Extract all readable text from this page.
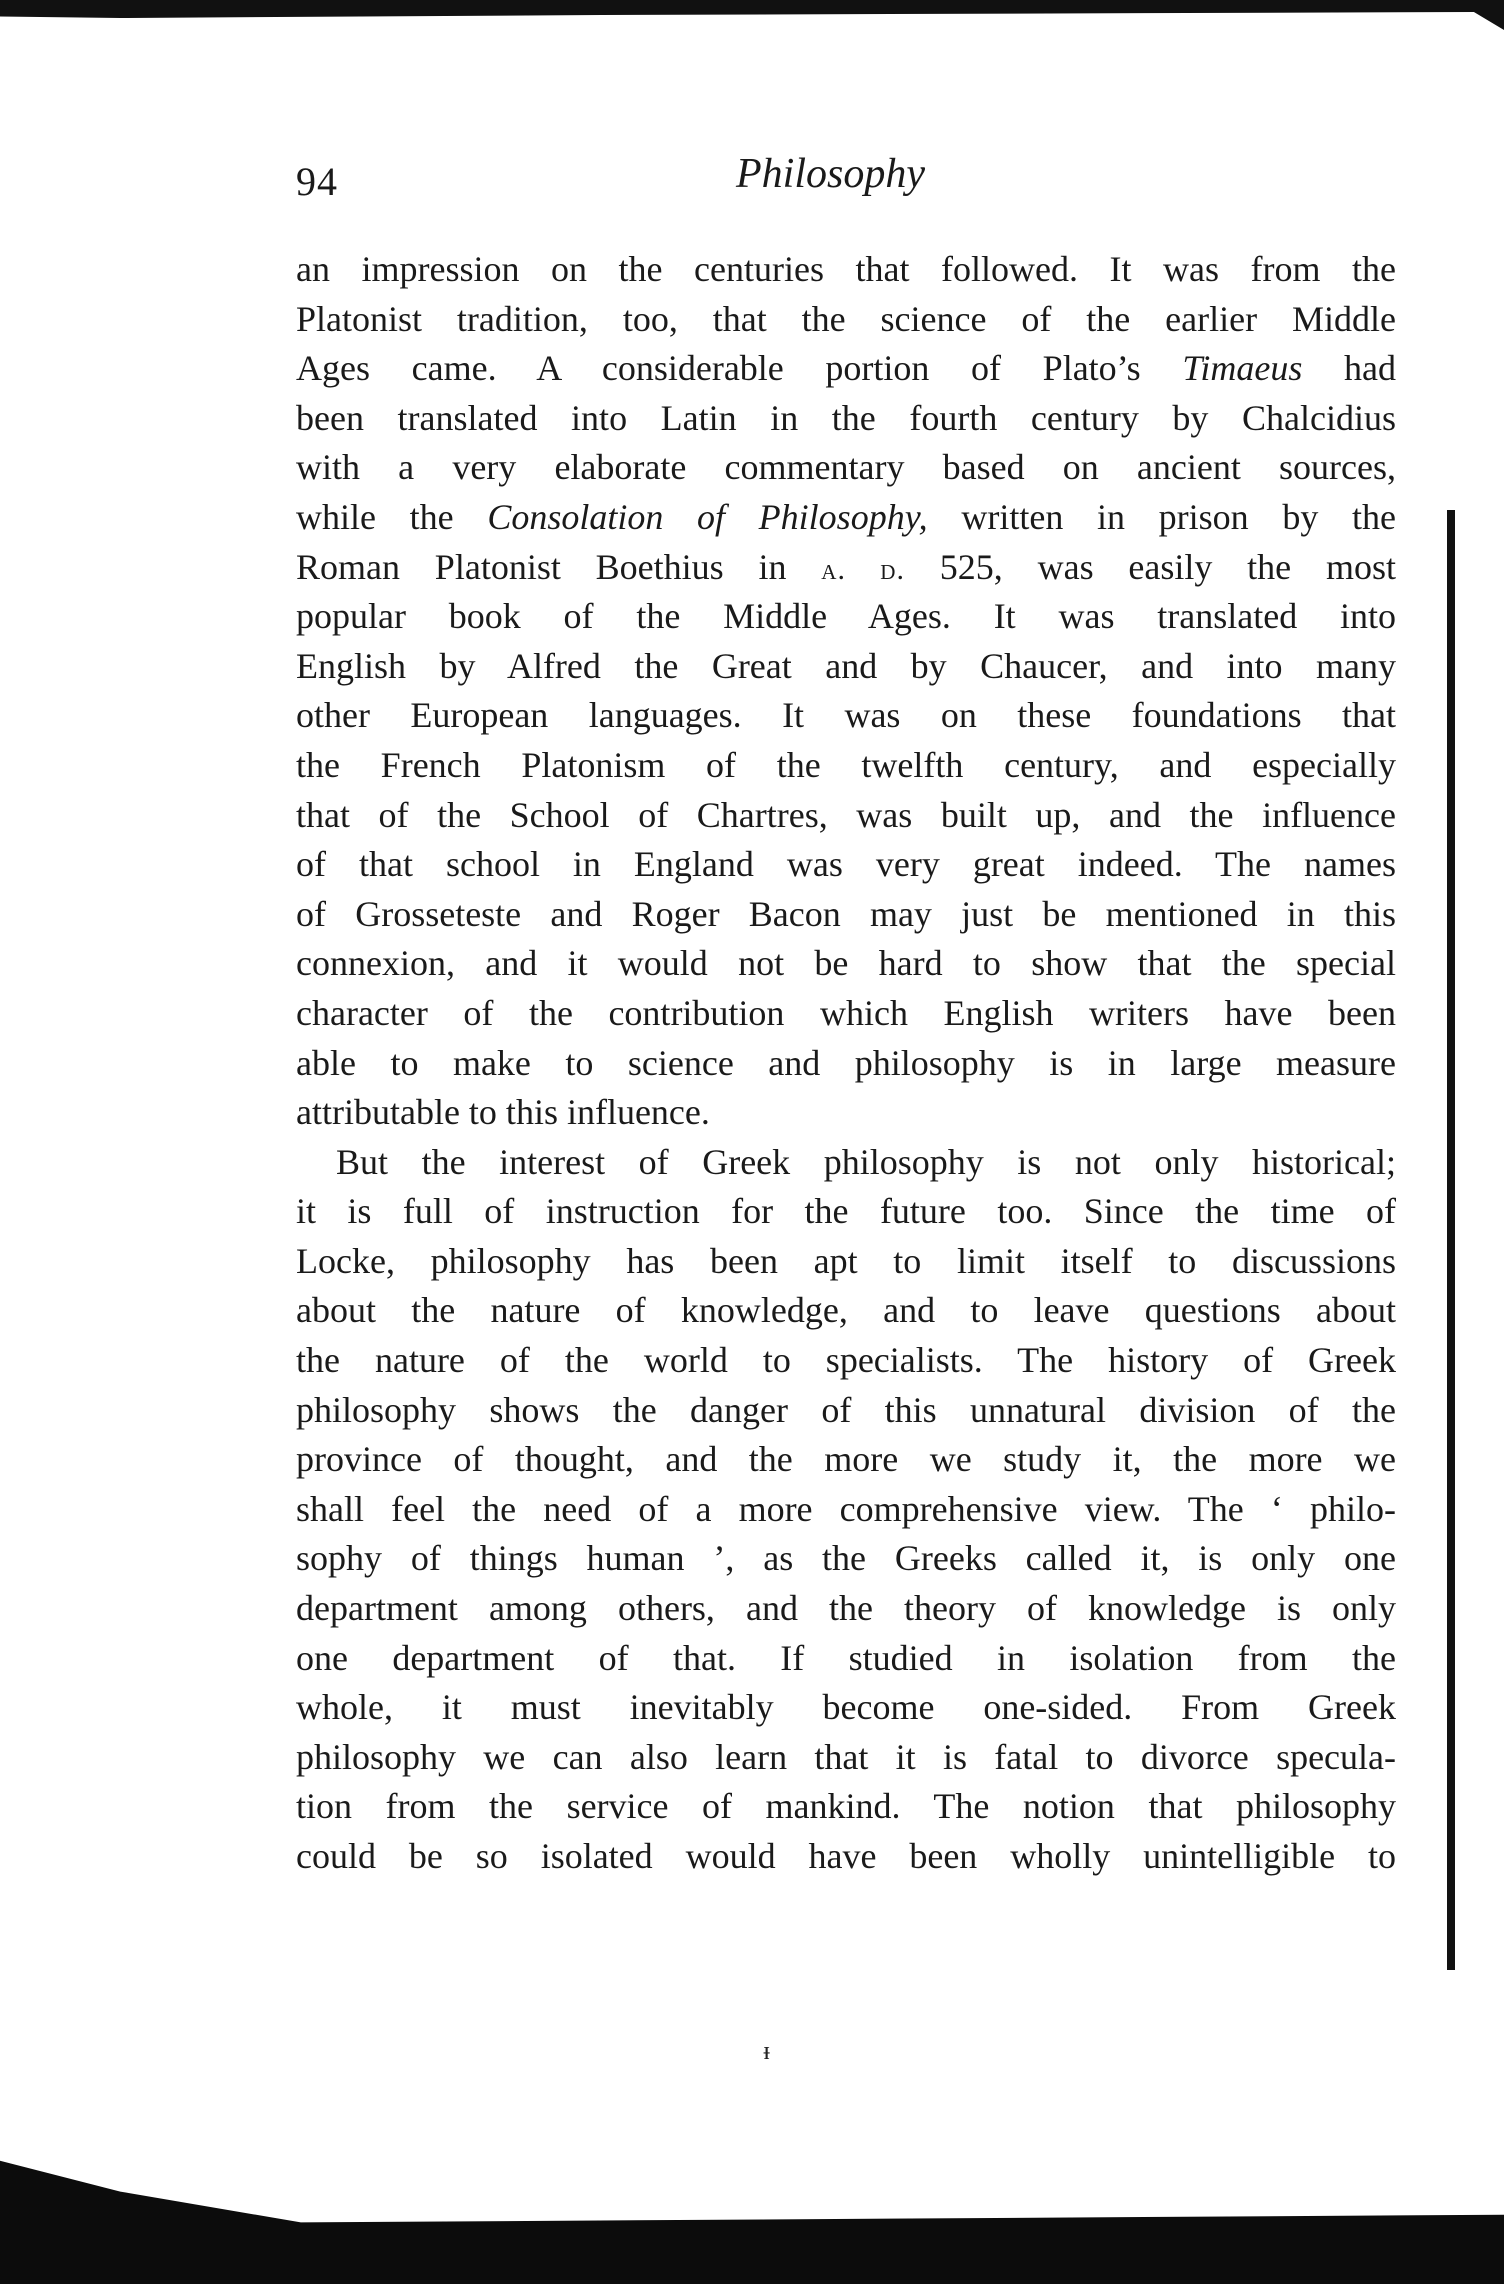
ᵻ
94	Philosophy
an impression on the centuries that followed. It was from the
Platonist tradition, too, that the science of the earlier Middle
Ages came. A considerable portion of Plato’s Timaeus had
been translated into Latin in the fourth century by Chalcidius
with a very elaborate commentary based on ancient sources,
while the Consolation of Philosophy, written in prison by the
Roman Platonist Boethius in a. d. 525, was easily the most
popular book of the Middle Ages. It was translated into
English by Alfred the Great and by Chaucer, and into many
other European languages. It was on these foundations that
the French Platonism of the twelfth century, and especially
that of the School of Chartres, was built up, and the influence
of that school in England was very great indeed. The names
of Grosseteste and Roger Bacon may just be mentioned in this
connexion, and it would not be hard to show that the special
character of the contribution which English writers have been
able to make to science and philosophy is in large measure
attributable to this influence.
But the interest of Greek philosophy is not only historical;
it is full of instruction for the future too. Since the time of
Locke, philosophy has been apt to limit itself to discussions
about the nature of knowledge, and to leave questions about
the nature of the world to specialists. The history of Greek
philosophy shows the danger of this unnatural division of the
province of thought, and the more we study it, the more we
shall feel the need of a more comprehensive view. The ‘ philo-
sophy of things human ’, as the Greeks called it, is only one
department among others, and the theory of knowledge is only
one department of that. If studied in isolation from the
whole, it must inevitably become one-sided. From Greek
philosophy we can also learn that it is fatal to divorce specula-
tion from the service of mankind. The notion that philosophy
could be so isolated would have been wholly unintelligible to
